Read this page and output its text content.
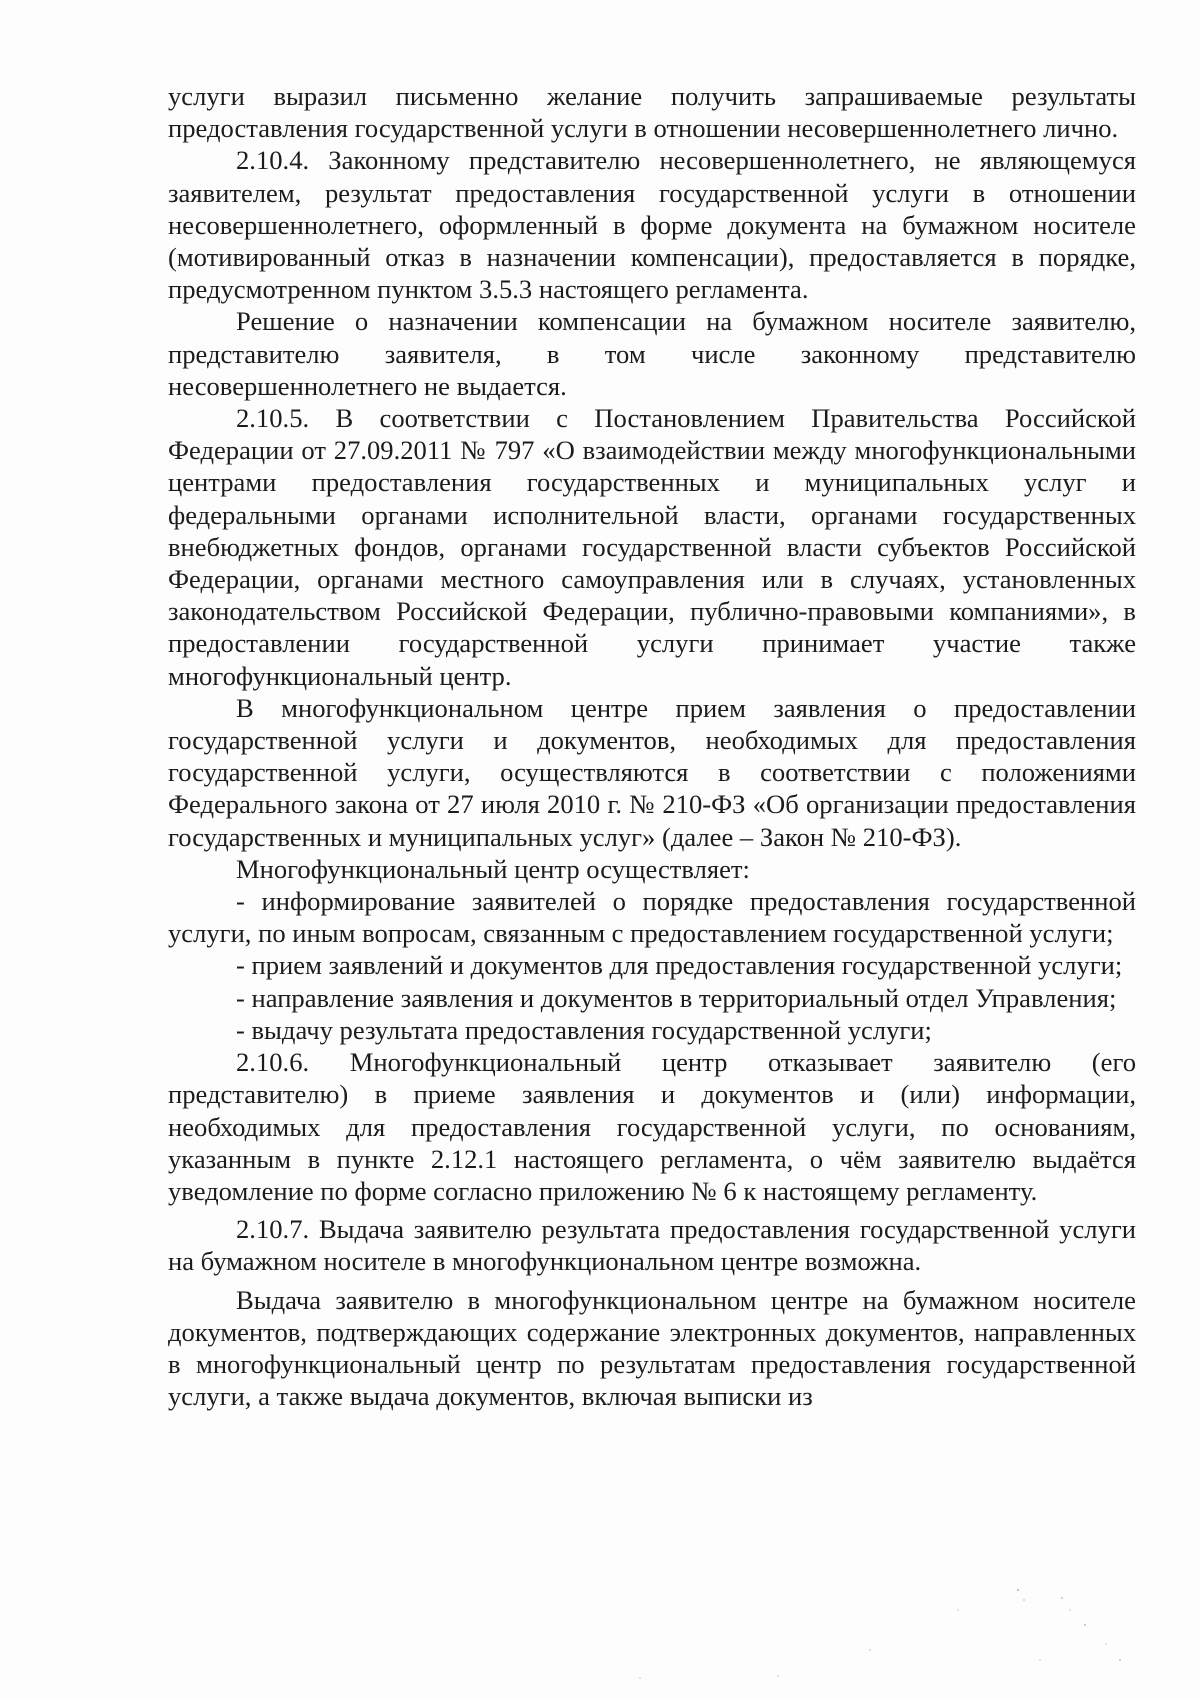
услуги выразил письменно желание получить запрашиваемые результаты предоставления государственной услуги в отношении несовершеннолетнего лично.

2.10.4. Законному представителю несовершеннолетнего, не являющемуся заявителем, результат предоставления государственной услуги в отношении несовершеннолетнего, оформленный в форме документа на бумажном носителе (мотивированный отказ в назначении компенсации), предоставляется в порядке, предусмотренном пунктом 3.5.3 настоящего регламента.

Решение о назначении компенсации на бумажном носителе заявителю, представителю заявителя, в том числе законному представителю несовершеннолетнего не выдается.

2.10.5. В соответствии с Постановлением Правительства Российской Федерации от 27.09.2011 № 797 «О взаимодействии между многофункциональными центрами предоставления государственных и муниципальных услуг и федеральными органами исполнительной власти, органами государственных внебюджетных фондов, органами государственной власти субъектов Российской Федерации, органами местного самоуправления или в случаях, установленных законодательством Российской Федерации, публично-правовыми компаниями», в предоставлении государственной услуги принимает участие также многофункциональный центр.

В многофункциональном центре прием заявления о предоставлении государственной услуги и документов, необходимых для предоставления государственной услуги, осуществляются в соответствии с положениями Федерального закона от 27 июля 2010 г. № 210-ФЗ «Об организации предоставления государственных и муниципальных услуг» (далее – Закон № 210-ФЗ).

Многофункциональный центр осуществляет:

- информирование заявителей о порядке предоставления государственной услуги, по иным вопросам, связанным с предоставлением государственной услуги;

- прием заявлений и документов для предоставления государственной услуги;

- направление заявления и документов в территориальный отдел Управления;

- выдачу результата предоставления государственной услуги;

2.10.6. Многофункциональный центр отказывает заявителю (его представителю) в приеме заявления и документов и (или) информации, необходимых для предоставления государственной услуги, по основаниям, указанным в пункте 2.12.1 настоящего регламента, о чём заявителю выдаётся уведомление по форме согласно приложению № 6 к настоящему регламенту.

2.10.7. Выдача заявителю результата предоставления государственной услуги на бумажном носителе в многофункциональном центре возможна.

Выдача заявителю в многофункциональном центре на бумажном носителе документов, подтверждающих содержание электронных документов, направленных в многофункциональный центр по результатам предоставления государственной услуги, а также выдача документов, включая выписки из
